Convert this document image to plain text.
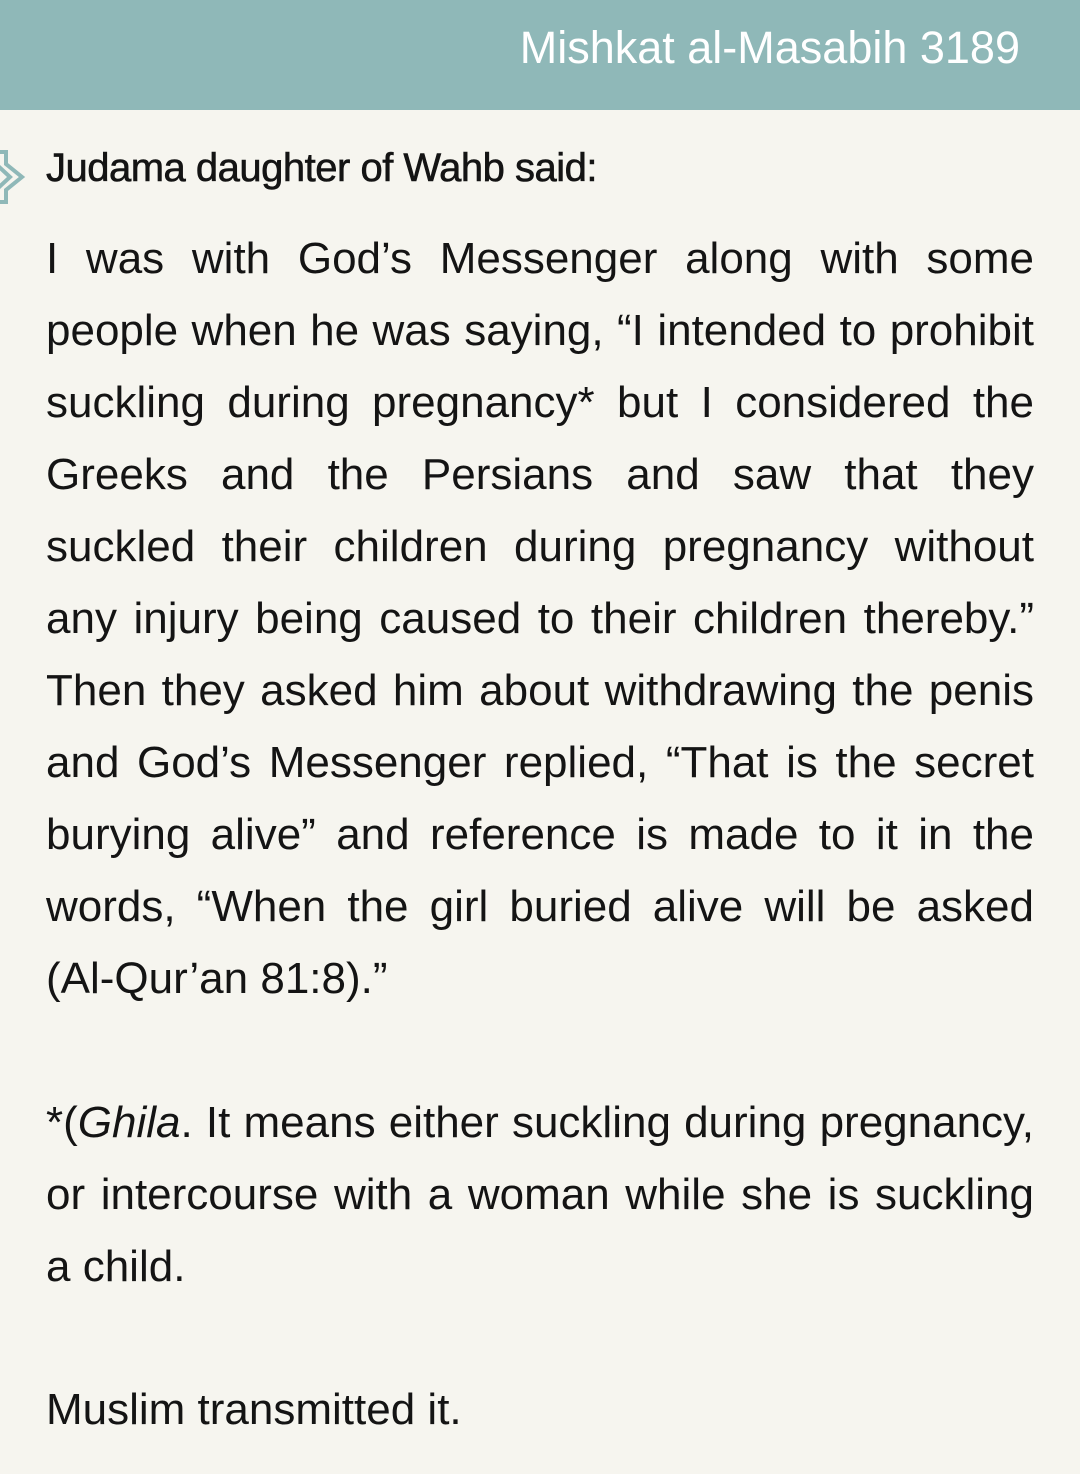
Mishkat al-Masabih 3189
Judama daughter of Wahb said:

I was with God’s Messenger along with some people when he was saying, “I intended to prohibit suckling during pregnancy* but I considered the Greeks and the Persians and saw that they suckled their children during pregnancy without any injury being caused to their children thereby.” Then they asked him about withdrawing the penis and God’s Messenger replied, “That is the secret burying alive” and reference is made to it in the words, “When the girl buried alive will be asked (Al-Qur’an 81:8).”

*(Ghila. It means either suckling during pregnancy, or intercourse with a woman while she is suckling a child.

Muslim transmitted it.
